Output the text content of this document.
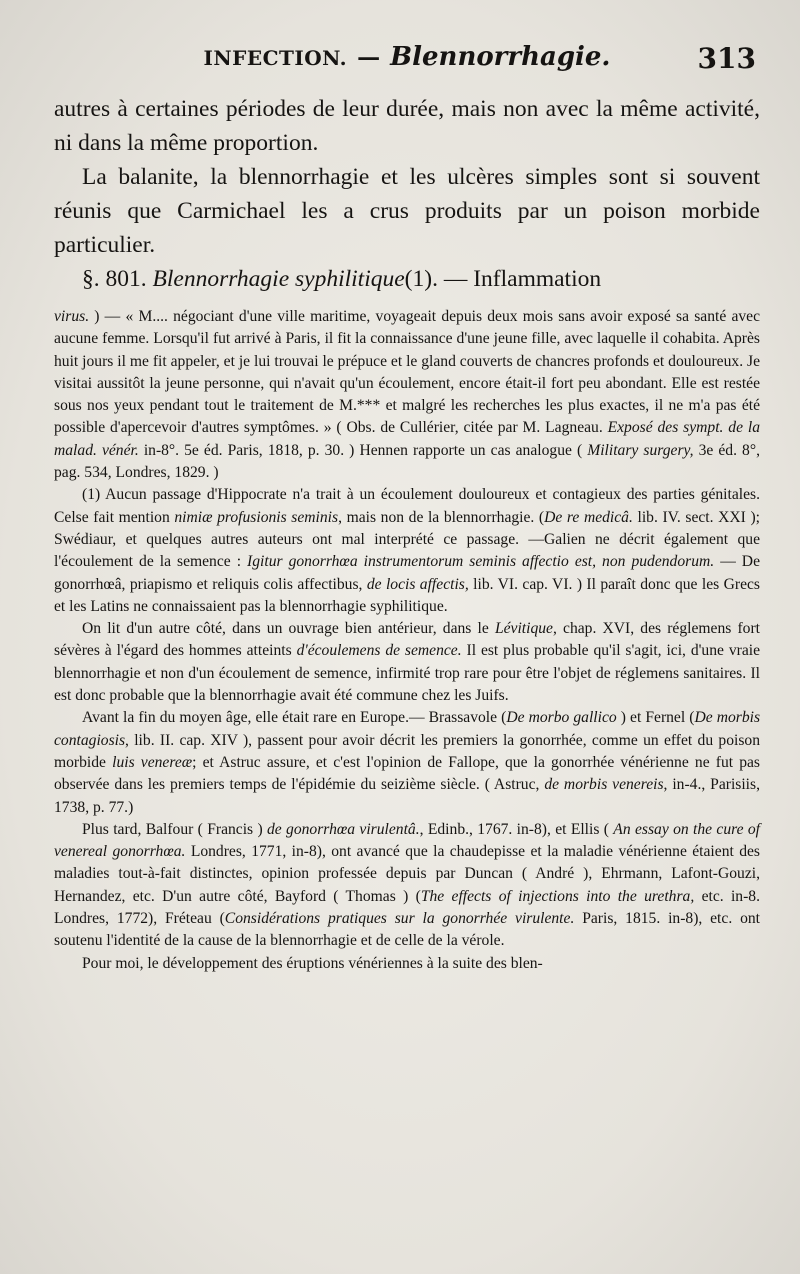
INFECTION. — Blennorrhagie.	313

autres à certaines périodes de leur durée, mais non avec la même activité, ni dans la même proportion.

La balanite, la blennorrhagie et les ulcères simples sont si souvent réunis que Carmichael les a crus produits par un poison morbide particulier.

§. 801. Blennorrhagie syphilitique(1). — Inflammation

virus. ) — « M.... négociant d'une ville maritime, voyageait depuis deux mois sans avoir exposé sa santé avec aucune femme. Lorsqu'il fut arrivé à Paris, il fit la connaissance d'une jeune fille, avec laquelle il cohabita. Après huit jours il me fit appeler, et je lui trouvai le prépuce et le gland couverts de chancres profonds et douloureux. Je visitai aussitôt la jeune personne, qui n'avait qu'un écoulement, encore était-il fort peu abondant. Elle est restée sous nos yeux pendant tout le traitement de M.*** et malgré les recherches les plus exactes, il ne m'a pas été possible d'apercevoir d'autres symptômes. » ( Obs. de Cullérier, citée par M. Lagneau. Exposé des sympt. de la malad. vénér. in-8°. 5e éd. Paris, 1818, p. 30. ) Hennen rapporte un cas analogue ( Military surgery, 3e éd. 8°, pag. 534, Londres, 1829. )

(1) Aucun passage d'Hippocrate n'a trait à un écoulement douloureux et contagieux des parties génitales. Celse fait mention nimiæ profusionis seminis, mais non de la blennorrhagie. (De re medicâ. lib. IV. sect. XXI ); Swédiaur, et quelques autres auteurs ont mal interprété ce passage. —Galien ne décrit également que l'écoulement de la semence : Igitur gonorrhœa instrumentorum seminis affectio est, non pudendorum. — De gonorrhœâ, priapismo et reliquis colis affectibus, de locis affectis, lib. VI. cap. VI. ) Il paraît donc que les Grecs et les Latins ne connaissaient pas la blennorrhagie syphilitique.

On lit d'un autre côté, dans un ouvrage bien antérieur, dans le Lévitique, chap. XVI, des réglemens fort sévères à l'égard des hommes atteints d'écoulemens de semence. Il est plus probable qu'il s'agit, ici, d'une vraie blennorrhagie et non d'un écoulement de semence, infirmité trop rare pour être l'objet de réglemens sanitaires. Il est donc probable que la blennorrhagie avait été commune chez les Juifs.

Avant la fin du moyen âge, elle était rare en Europe.— Brassavole (De morbo gallico ) et Fernel (De morbis contagiosis, lib. II. cap. XIV ), passent pour avoir décrit les premiers la gonorrhée, comme un effet du poison morbide luis venereæ; et Astruc assure, et c'est l'opinion de Fallope, que la gonorrhée vénérienne ne fut pas observée dans les premiers temps de l'épidémie du seizième siècle. ( Astruc, de morbis venereis, in-4., Parisiis, 1738, p. 77.)

Plus tard, Balfour ( Francis ) de gonorrhœa virulentâ., Edinb., 1767. in-8), et Ellis ( An essay on the cure of venereal gonorrhœa. Londres, 1771, in-8), ont avancé que la chaudepisse et la maladie vénérienne étaient des maladies tout-à-fait distinctes, opinion professée depuis par Duncan ( André ), Ehrmann, Lafont-Gouzi, Hernandez, etc. D'un autre côté, Bayford ( Thomas ) (The effects of injections into the urethra, etc. in-8. Londres, 1772), Fréteau (Considérations pratiques sur la gonorrhée virulente. Paris, 1815. in-8), etc. ont soutenu l'identité de la cause de la blennorrhagie et de celle de la vérole.

Pour moi, le développement des éruptions vénériennes à la suite des blen-
